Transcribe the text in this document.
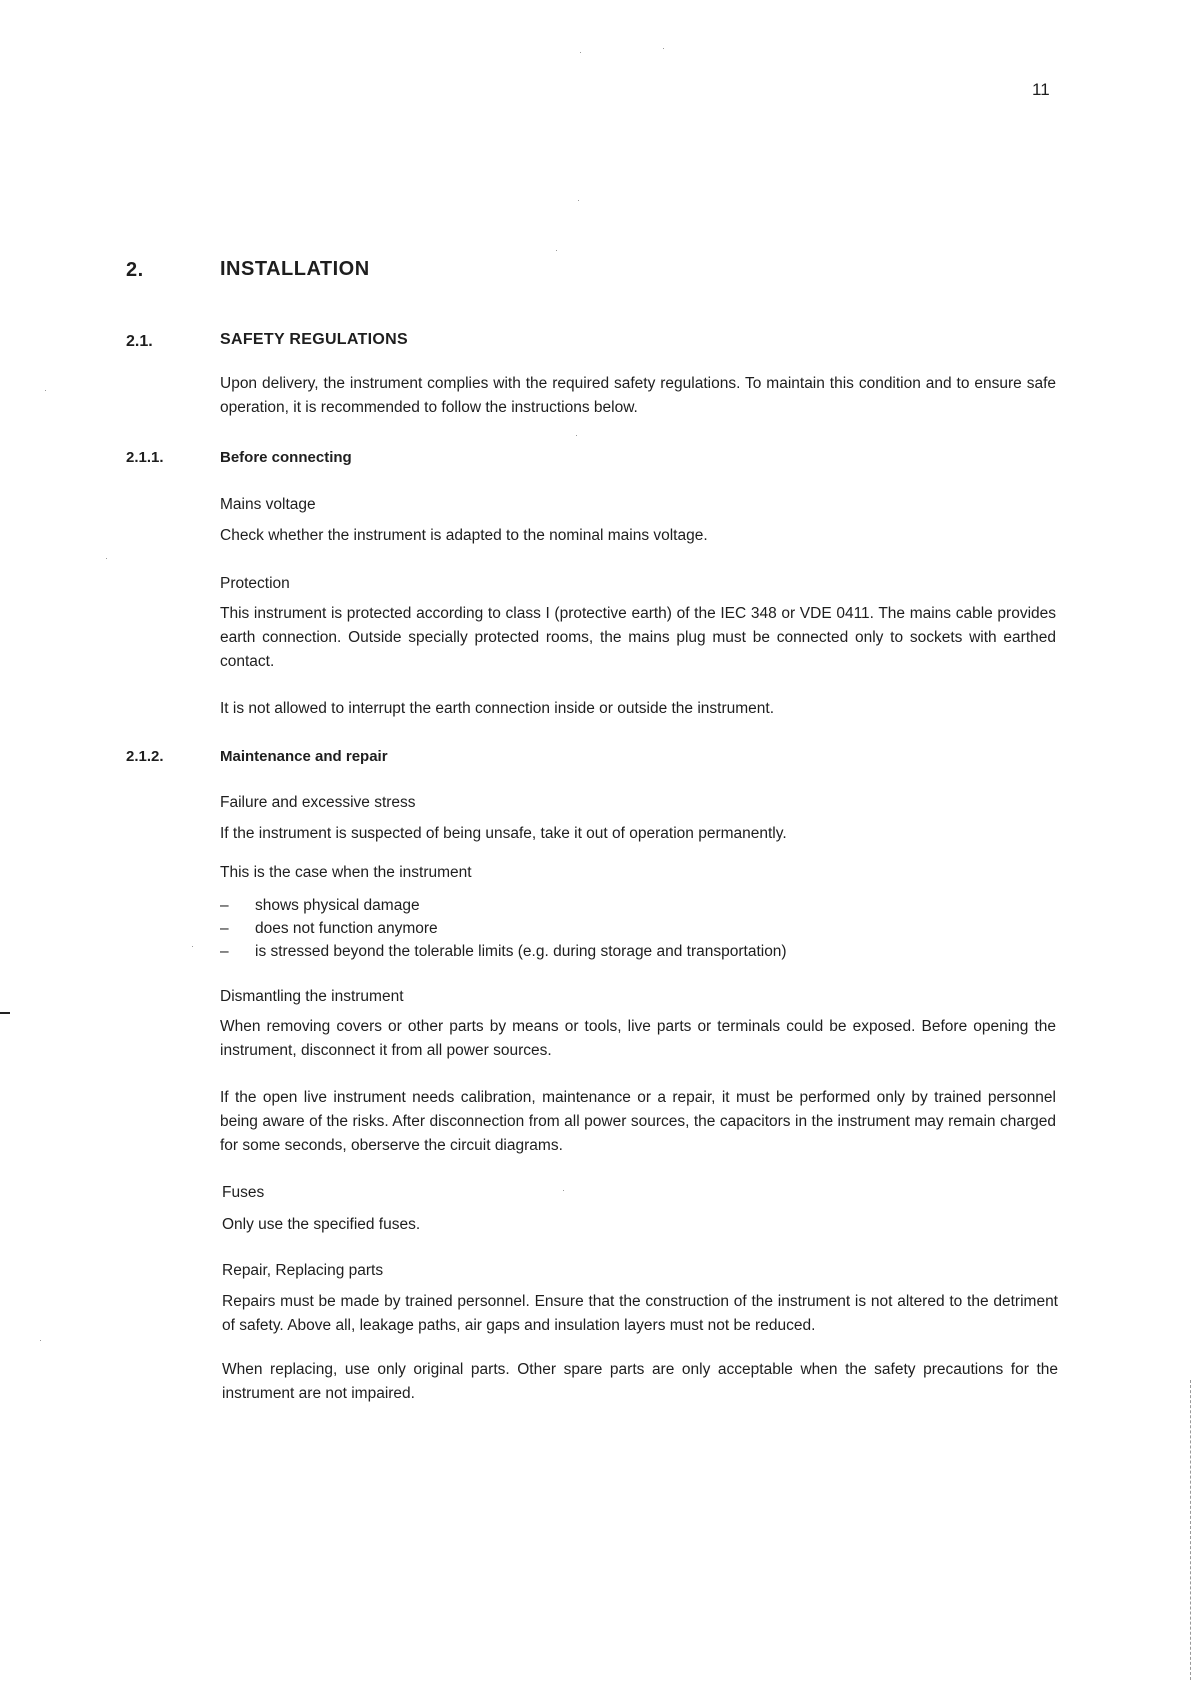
11
2.	INSTALLATION
2.1.	SAFETY REGULATIONS
Upon delivery, the instrument complies with the required safety regulations. To maintain this condition and to ensure safe operation, it is recommended to follow the instructions below.
2.1.1.	Before connecting
Mains voltage
Check whether the instrument is adapted to the nominal mains voltage.
Protection
This instrument is protected according to class I (protective earth) of the IEC 348 or VDE 0411. The mains cable provides earth connection. Outside specially protected rooms, the mains plug must be connected only to sockets with earthed contact.
It is not allowed to interrupt the earth connection inside or outside the instrument.
2.1.2.	Maintenance and repair
Failure and excessive stress
If the instrument is suspected of being unsafe, take it out of operation permanently.
This is the case when the instrument
–	shows physical damage
–	does not function anymore
–	is stressed beyond the tolerable limits (e.g. during storage and transportation)
Dismantling the instrument
When removing covers or other parts by means or tools, live parts or terminals could be exposed. Before opening the instrument, disconnect it from all power sources.
If the open live instrument needs calibration, maintenance or a repair, it must be performed only by trained personnel being aware of the risks. After disconnection from all power sources, the capacitors in the instrument may remain charged for some seconds, oberserve the circuit diagrams.
Fuses
Only use the specified fuses.
Repair, Replacing parts
Repairs must be made by trained personnel. Ensure that the construction of the instrument is not altered to the detriment of safety. Above all, leakage paths, air gaps and insulation layers must not be reduced.
When replacing, use only original parts. Other spare parts are only acceptable when the safety precautions for the instrument are not impaired.
